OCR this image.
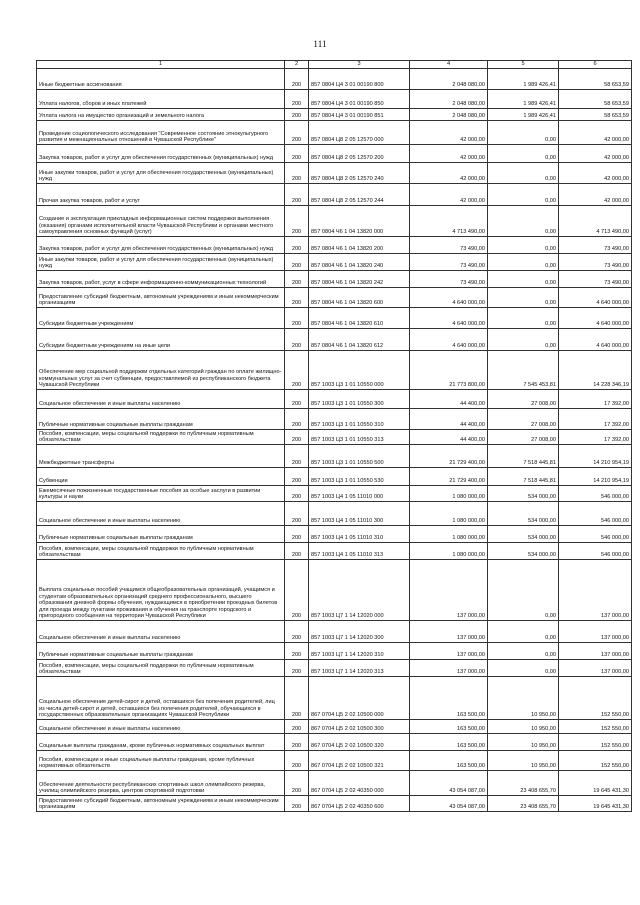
111
1	2	3	4	5	6
Иные бюджетные ассигнования	200	857 0804 Ц4 3 01 00190 800	2 048 080,00	1 989 426,41	58 653,59
Уплата налогов, сборов и иных платежей	200	857 0804 Ц4 3 01 00190 850	2 048 080,00	1 989 426,41	58 653,59
Уплата налога на имущество организаций и земельного налога	200	857 0804 Ц4 3 01 00190 851	2 048 080,00	1 989 426,41	58 653,59
Проведение социологического исследования "Современное состояние этнокультурного развития и межнациональных отношений в Чувашской Республике"	200	857 0804 Ц8 2 05 12570 000	42 000,00	0,00	42 000,00
Закупка товаров, работ и услуг для обеспечения государственных (муниципальных) нужд	200	857 0804 Ц8 2 05 12570 200	42 000,00	0,00	42 000,00
Иные закупки товаров, работ и услуг для обеспечения государственных (муниципальных) нужд	200	857 0804 Ц8 2 05 12570 240	42 000,00	0,00	42 000,00
Прочая закупка товаров, работ и услуг	200	857 0804 Ц8 2 05 12570 244	42 000,00	0,00	42 000,00
Создание и эксплуатация прикладных информационных систем поддержки выполнения (оказания) органами исполнительной власти Чувашской Республики и органами местного самоуправления основных функций (услуг)	200	857 0804 Ч6 1 04 13820 000	4 713 490,00	0,00	4 713 490,00
Закупка товаров, работ и услуг для обеспечения государственных (муниципальных) нужд	200	857 0804 Ч6 1 04 13820 200	73 490,00	0,00	73 490,00
Иные закупки товаров, работ и услуг для обеспечения государственных (муниципальных) нужд	200	857 0804 Ч6 1 04 13820 240	73 490,00	0,00	73 490,00
Закупка товаров, работ, услуг в сфере информационно-коммуникационных технологий	200	857 0804 Ч6 1 04 13820 242	73 490,00	0,00	73 490,00
Предоставление субсидий бюджетным, автономным учреждениям и иным некоммерческим организациям	200	857 0804 Ч6 1 04 13820 600	4 640 000,00	0,00	4 640 000,00
Субсидии бюджетным учреждениям	200	857 0804 Ч6 1 04 13820 610	4 640 000,00	0,00	4 640 000,00
Субсидии бюджетным учреждениям на иные цели	200	857 0804 Ч6 1 04 13820 612	4 640 000,00	0,00	4 640 000,00
Обеспечение мер социальной поддержки отдельных категорий граждан по оплате жилищно-коммунальных услуг за счет субвенции, предоставляемой из республиканского бюджета Чувашской Республики	200	857 1003 Ц3 1 01 10550 000	21 773 800,00	7 545 453,81	14 228 346,19
Социальное обеспечение и иные выплаты населению	200	857 1003 Ц3 1 01 10550 300	44 400,00	27 008,00	17 392,00
Публичные нормативные социальные выплаты гражданам	200	857 1003 Ц3 1 01 10550 310	44 400,00	27 008,00	17 392,00
Пособия, компенсации, меры социальной поддержки по публичным нормативным обязательствам	200	857 1003 Ц3 1 01 10550 313	44 400,00	27 008,00	17 392,00
Межбюджетные трансферты	200	857 1003 Ц3 1 01 10550 500	21 729 400,00	7 518 445,81	14 210 954,19
Субвенции	200	857 1003 Ц3 1 01 10550 530	21 729 400,00	7 518 445,81	14 210 954,19
Ежемесячные пожизненные государственные пособия за особые заслуги в развитии культуры и науки	200	857 1003 Ц4 1 05 11010 000	1 080 000,00	534 000,00	546 000,00
Социальное обеспечение и иные выплаты населению	200	857 1003 Ц4 1 05 11010 300	1 080 000,00	534 000,00	546 000,00
Публичные нормативные социальные выплаты гражданам	200	857 1003 Ц4 1 05 11010 310	1 080 000,00	534 000,00	546 000,00
Пособия, компенсации, меры социальной поддержки по публичным нормативным обязательствам	200	857 1003 Ц4 1 05 11010 313	1 080 000,00	534 000,00	546 000,00
Выплата социальных пособий учащимся общеобразовательных организаций, учащимся и студентам образовательных организаций среднего профессионального, высшего образования дневной формы обучения, нуждающимся в приобретении проездных билетов для проезда между пунктами проживания и обучения на транспорте городского и пригородного сообщения на территории Чувашской Республики	200	857 1003 Ц7 1 14 12020 000	137 000,00	0,00	137 000,00
Социальное обеспечение и иные выплаты населению	200	857 1003 Ц7 1 14 12020 300	137 000,00	0,00	137 000,00
Публичные нормативные социальные выплаты гражданам	200	857 1003 Ц7 1 14 12020 310	137 000,00	0,00	137 000,00
Пособия, компенсации, меры социальной поддержки по публичным нормативным обязательствам	200	857 1003 Ц7 1 14 12020 313	137 000,00	0,00	137 000,00
Социальное обеспечение детей-сирот и детей, оставшихся без попечения родителей, лиц из числа детей-сирот и детей, оставшихся без попечения родителей, обучающихся в государственных образовательных организациях Чувашской Республики	200	867 0704 Ц5 2 02 10500 000	163 500,00	10 950,00	152 550,00
Социальное обеспечение и иные выплаты населению	200	867 0704 Ц5 2 02 10500 300	163 500,00	10 950,00	152 550,00
Социальные выплаты гражданам, кроме публичных нормативных социальных выплат	200	867 0704 Ц5 2 02 10500 320	163 500,00	10 950,00	152 550,00
Пособия, компенсации и иные социальные выплаты гражданам, кроме публичных нормативных обязательств	200	867 0704 Ц5 2 02 10500 321	163 500,00	10 950,00	152 550,00
Обеспечение деятельности республиканских спортивных школ олимпийского резерва, училищ олимпийского резерва, центров спортивной подготовки	200	867 0704 Ц5 2 02 40350 000	43 054 087,00	23 408 655,70	19 645 431,30
Предоставление субсидий бюджетным, автономным учреждениям и иным некоммерческим организациям	200	867 0704 Ц5 2 02 40350 600	43 054 087,00	23 408 655,70	19 645 431,30
